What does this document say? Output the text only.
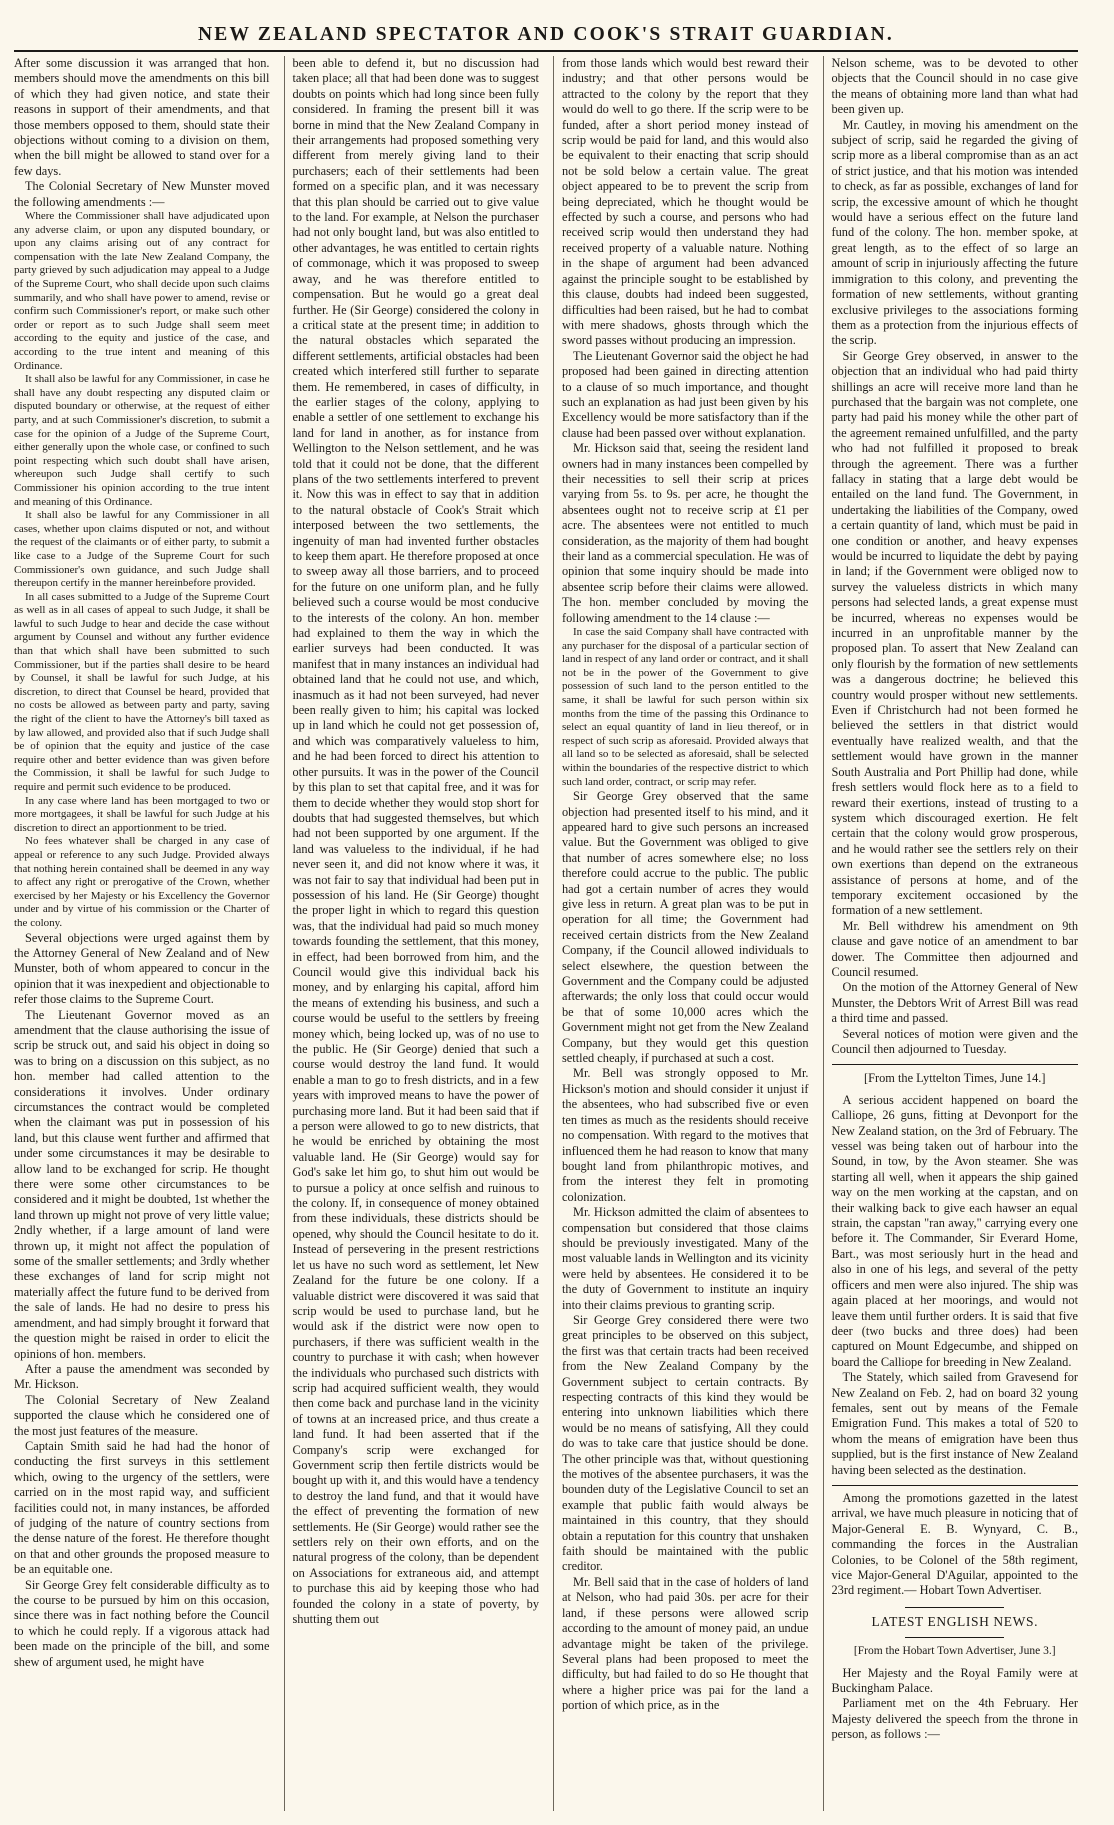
NEW ZEALAND SPECTATOR AND COOK'S STRAIT GUARDIAN.

After some discussion it was arranged that hon. members should move the amendments on this bill of which they had given notice, and state their reasons in support of their amendments, and that those members opposed to them, should state their objections without coming to a division on them, when the bill might be allowed to stand over for a few days.

The Colonial Secretary of New Munster moved the following amendments :—

Where the Commissioner shall have adjudicated upon any adverse claim, or upon any disputed boundary, or upon any claims arising out of any contract for compensation with the late New Zealand Company, the party grieved by such adjudication may appeal to a Judge of the Supreme Court, who shall decide upon such claims summarily, and who shall have power to amend, revise or confirm such Commissioner's report, or make such other order or report as to such Judge shall seem meet according to the equity and justice of the case, and according to the true intent and meaning of this Ordinance.

It shall also be lawful for any Commissioner, in case he shall have any doubt respecting any disputed claim or disputed boundary or otherwise, at the request of either party, and at such Commissioner's discretion, to submit a case for the opinion of a Judge of the Supreme Court, either generally upon the whole case, or confined to such point respecting which such doubt shall have arisen, whereupon such Judge shall certify to such Commissioner his opinion according to the true intent and meaning of this Ordinance.

It shall also be lawful for any Commissioner in all cases, whether upon claims disputed or not, and without the request of the claimants or of either party, to submit a like case to a Judge of the Supreme Court for such Commissioner's own guidance, and such Judge shall thereupon certify in the manner hereinbefore provided.

In all cases submitted to a Judge of the Supreme Court as well as in all cases of appeal to such Judge, it shall be lawful to such Judge to hear and decide the case without argument by Counsel and without any further evidence than that which shall have been submitted to such Commissioner, but if the parties shall desire to be heard by Counsel, it shall be lawful for such Judge, at his discretion, to direct that Counsel be heard, provided that no costs be allowed as between party and party, saving the right of the client to have the Attorney's bill taxed as by law allowed, and provided also that if such Judge shall be of opinion that the equity and justice of the case require other and better evidence than was given before the Commission, it shall be lawful for such Judge to require and permit such evidence to be produced.

In any case where land has been mortgaged to two or more mortgagees, it shall be lawful for such Judge at his discretion to direct an apportionment to be tried.

No fees whatever shall be charged in any case of appeal or reference to any such Judge. Provided always that nothing herein contained shall be deemed in any way to affect any right or prerogative of the Crown, whether exercised by her Majesty or his Excellency the Governor under and by virtue of his commission or the Charter of the colony.

Several objections were urged against them by the Attorney General of New Zealand and of New Munster, both of whom appeared to concur in the opinion that it was inexpedient and objectionable to refer those claims to the Supreme Court.

The Lieutenant Governor moved as an amendment that the clause authorising the issue of scrip be struck out, and said his object in doing so was to bring on a discussion on this subject, as no hon. member had called attention to the considerations it involves. Under ordinary circumstances the contract would be completed when the claimant was put in possession of his land, but this clause went further and affirmed that under some circumstances it may be desirable to allow land to be exchanged for scrip. He thought there were some other circumstances to be considered and it might be doubted, 1st whether the land thrown up might not prove of very little value; 2ndly whether, if a large amount of land were thrown up, it might not affect the population of some of the smaller settlements; and 3rdly whether these exchanges of land for scrip might not materially affect the future fund to be derived from the sale of lands. He had no desire to press his amendment, and had simply brought it forward that the question might be raised in order to elicit the opinions of hon. members.

After a pause the amendment was seconded by Mr. Hickson.

The Colonial Secretary of New Zealand supported the clause which he considered one of the most just features of the measure.

Captain Smith said he had had the honor of conducting the first surveys in this settlement which, owing to the urgency of the settlers, were carried on in the most rapid way, and sufficient facilities could not, in many instances, be afforded of judging of the nature of country sections from the dense nature of the forest. He therefore thought on that and other grounds the proposed measure to be an equitable one.

Sir George Grey felt considerable difficulty as to the course to be pursued by him on this occasion, since there was in fact nothing before the Council to which he could reply. If a vigorous attack had been made on the principle of the bill, and some shew of argument used, he might have

been able to defend it, but no discussion had taken place; all that had been done was to suggest doubts on points which had long since been fully considered. In framing the present bill it was borne in mind that the New Zealand Company in their arrangements had proposed something very different from merely giving land to their purchasers; each of their settlements had been formed on a specific plan, and it was necessary that this plan should be carried out to give value to the land. For example, at Nelson the purchaser had not only bought land, but was also entitled to other advantages, he was entitled to certain rights of commonage, which it was proposed to sweep away, and he was therefore entitled to compensation. But he would go a great deal further. He (Sir George) considered the colony in a critical state at the present time; in addition to the natural obstacles which separated the different settlements, artificial obstacles had been created which interfered still further to separate them. He remembered, in cases of difficulty, in the earlier stages of the colony, applying to enable a settler of one settlement to exchange his land for land in another, as for instance from Wellington to the Nelson settlement, and he was told that it could not be done, that the different plans of the two settlements interfered to prevent it. Now this was in effect to say that in addition to the natural obstacle of Cook's Strait which interposed between the two settlements, the ingenuity of man had invented further obstacles to keep them apart. He therefore proposed at once to sweep away all those barriers, and to proceed for the future on one uniform plan, and he fully believed such a course would be most conducive to the interests of the colony. An hon. member had explained to them the way in which the earlier surveys had been conducted. It was manifest that in many instances an individual had obtained land that he could not use, and which, inasmuch as it had not been surveyed, had never been really given to him; his capital was locked up in land which he could not get possession of, and which was comparatively valueless to him, and he had been forced to direct his attention to other pursuits. It was in the power of the Council by this plan to set that capital free, and it was for them to decide whether they would stop short for doubts that had suggested themselves, but which had not been supported by one argument. If the land was valueless to the individual, if he had never seen it, and did not know where it was, it was not fair to say that individual had been put in possession of his land. He (Sir George) thought the proper light in which to regard this question was, that the individual had paid so much money towards founding the settlement, that this money, in effect, had been borrowed from him, and the Council would give this individual back his money, and by enlarging his capital, afford him the means of extending his business, and such a course would be useful to the settlers by freeing money which, being locked up, was of no use to the public. He (Sir George) denied that such a course would destroy the land fund. It would enable a man to go to fresh districts, and in a few years with improved means to have the power of purchasing more land. But it had been said that if a person were allowed to go to new districts, that he would be enriched by obtaining the most valuable land. He (Sir George) would say for God's sake let him go, to shut him out would be to pursue a policy at once selfish and ruinous to the colony. If, in consequence of money obtained from these individuals, these districts should be opened, why should the Council hesitate to do it. Instead of persevering in the present restrictions let us have no such word as settlement, let New Zealand for the future be one colony. If a valuable district were discovered it was said that scrip would be used to purchase land, but he would ask if the district were now open to purchasers, if there was sufficient wealth in the country to purchase it with cash; when however the individuals who purchased such districts with scrip had acquired sufficient wealth, they would then come back and purchase land in the vicinity of towns at an increased price, and thus create a land fund. It had been asserted that if the Company's scrip were exchanged for Government scrip then fertile districts would be bought up with it, and this would have a tendency to destroy the land fund, and that it would have the effect of preventing the formation of new settlements. He (Sir George) would rather see the settlers rely on their own efforts, and on the natural progress of the colony, than be dependent on Associations for extraneous aid, and attempt to purchase this aid by keeping those who had founded the colony in a state of poverty, by shutting them out

from those lands which would best reward their industry; and that other persons would be attracted to the colony by the report that they would do well to go there. If the scrip were to be funded, after a short period money instead of scrip would be paid for land, and this would also be equivalent to their enacting that scrip should not be sold below a certain value. The great object appeared to be to prevent the scrip from being depreciated, which he thought would be effected by such a course, and persons who had received scrip would then understand they had received property of a valuable nature. Nothing in the shape of argument had been advanced against the principle sought to be established by this clause, doubts had indeed been suggested, difficulties had been raised, but he had to combat with mere shadows, ghosts through which the sword passes without producing an impression.

The Lieutenant Governor said the object he had proposed had been gained in directing attention to a clause of so much importance, and thought such an explanation as had just been given by his Excellency would be more satisfactory than if the clause had been passed over without explanation.

Mr. Hickson said that, seeing the resident land owners had in many instances been compelled by their necessities to sell their scrip at prices varying from 5s. to 9s. per acre, he thought the absentees ought not to receive scrip at £1 per acre. The absentees were not entitled to much consideration, as the majority of them had bought their land as a commercial speculation. He was of opinion that some inquiry should be made into absentee scrip before their claims were allowed. The hon. member concluded by moving the following amendment to the 14 clause :—

In case the said Company shall have contracted with any purchaser for the disposal of a particular section of land in respect of any land order or contract, and it shall not be in the power of the Government to give possession of such land to the person entitled to the same, it shall be lawful for such person within six months from the time of the passing this Ordinance to select an equal quantity of land in lieu thereof, or in respect of such scrip as aforesaid. Provided always that all land so to be selected as aforesaid, shall be selected within the boundaries of the respective district to which such land order, contract, or scrip may refer.

Sir George Grey observed that the same objection had presented itself to his mind, and it appeared hard to give such persons an increased value. But the Government was obliged to give that number of acres somewhere else; no loss therefore could accrue to the public. The public had got a certain number of acres they would give less in return. A great plan was to be put in operation for all time; the Government had received certain districts from the New Zealand Company, if the Council allowed individuals to select elsewhere, the question between the Government and the Company could be adjusted afterwards; the only loss that could occur would be that of some 10,000 acres which the Government might not get from the New Zealand Company, but they would get this question settled cheaply, if purchased at such a cost.

Mr. Bell was strongly opposed to Mr. Hickson's motion and should consider it unjust if the absentees, who had subscribed five or even ten times as much as the residents should receive no compensation. With regard to the motives that influenced them he had reason to know that many bought land from philanthropic motives, and from the interest they felt in promoting colonization.

Mr. Hickson admitted the claim of absentees to compensation but considered that those claims should be previously investigated. Many of the most valuable lands in Wellington and its vicinity were held by absentees. He considered it to be the duty of Government to institute an inquiry into their claims previous to granting scrip.

Sir George Grey considered there were two great principles to be observed on this subject, the first was that certain tracts had been received from the New Zealand Company by the Government subject to certain contracts. By respecting contracts of this kind they would be entering into unknown liabilities which there would be no means of satisfying, All they could do was to take care that justice should be done. The other principle was that, without questioning the motives of the absentee purchasers, it was the bounden duty of the Legislative Council to set an example that public faith would always be maintained in this country, that they should obtain a reputation for this country that unshaken faith should be maintained with the public creditor.

Mr. Bell said that in the case of holders of land at Nelson, who had paid 30s. per acre for their land, if these persons were allowed scrip according to the amount of money paid, an undue advantage might be taken of the privilege. Several plans had been proposed to meet the difficulty, but had failed to do so He thought that where a higher price was pai for the land a portion of which price, as in the

Nelson scheme, was to be devoted to other objects that the Council should in no case give the means of obtaining more land than what had been given up.

Mr. Cautley, in moving his amendment on the subject of scrip, said he regarded the giving of scrip more as a liberal compromise than as an act of strict justice, and that his motion was intended to check, as far as possible, exchanges of land for scrip, the excessive amount of which he thought would have a serious effect on the future land fund of the colony. The hon. member spoke, at great length, as to the effect of so large an amount of scrip in injuriously affecting the future immigration to this colony, and preventing the formation of new settlements, without granting exclusive privileges to the associations forming them as a protection from the injurious effects of the scrip.

Sir George Grey observed, in answer to the objection that an individual who had paid thirty shillings an acre will receive more land than he purchased that the bargain was not complete, one party had paid his money while the other part of the agreement remained unfulfilled, and the party who had not fulfilled it proposed to break through the agreement. There was a further fallacy in stating that a large debt would be entailed on the land fund. The Government, in undertaking the liabilities of the Company, owed a certain quantity of land, which must be paid in one condition or another, and heavy expenses would be incurred to liquidate the debt by paying in land; if the Government were obliged now to survey the valueless districts in which many persons had selected lands, a great expense must be incurred, whereas no expenses would be incurred in an unprofitable manner by the proposed plan. To assert that New Zealand can only flourish by the formation of new settlements was a dangerous doctrine; he believed this country would prosper without new settlements. Even if Christchurch had not been formed he believed the settlers in that district would eventually have realized wealth, and that the settlement would have grown in the manner South Australia and Port Phillip had done, while fresh settlers would flock here as to a field to reward their exertions, instead of trusting to a system which discouraged exertion. He felt certain that the colony would grow prosperous, and he would rather see the settlers rely on their own exertions than depend on the extraneous assistance of persons at home, and of the temporary excitement occasioned by the formation of a new settlement.

Mr. Bell withdrew his amendment on 9th clause and gave notice of an amendment to bar dower. The Committee then adjourned and Council resumed.

On the motion of the Attorney General of New Munster, the Debtors Writ of Arrest Bill was read a third time and passed.

Several notices of motion were given and the Council then adjourned to Tuesday.

[From the Lyttelton Times, June 14.]

A serious accident happened on board the Calliope, 26 guns, fitting at Devonport for the New Zealand station, on the 3rd of February. The vessel was being taken out of harbour into the Sound, in tow, by the Avon steamer. She was starting all well, when it appears the ship gained way on the men working at the capstan, and on their walking back to give each hawser an equal strain, the capstan "ran away," carrying every one before it. The Commander, Sir Everard Home, Bart., was most seriously hurt in the head and also in one of his legs, and several of the petty officers and men were also injured. The ship was again placed at her moorings, and would not leave them until further orders. It is said that five deer (two bucks and three does) had been captured on Mount Edgecumbe, and shipped on board the Calliope for breeding in New Zealand.

The Stately, which sailed from Gravesend for New Zealand on Feb. 2, had on board 32 young females, sent out by means of the Female Emigration Fund. This makes a total of 520 to whom the means of emigration have been thus supplied, but is the first instance of New Zealand having been selected as the destination.

Among the promotions gazetted in the latest arrival, we have much pleasure in noticing that of Major-General E. B. Wynyard, C. B., commanding the forces in the Australian Colonies, to be Colonel of the 58th regiment, vice Major-General D'Aguilar, appointed to the 23rd regiment.— Hobart Town Advertiser.

LATEST ENGLISH NEWS.

[From the Hobart Town Advertiser, June 3.]

Her Majesty and the Royal Family were at Buckingham Palace.

Parliament met on the 4th February. Her Majesty delivered the speech from the throne in person, as follows :—
